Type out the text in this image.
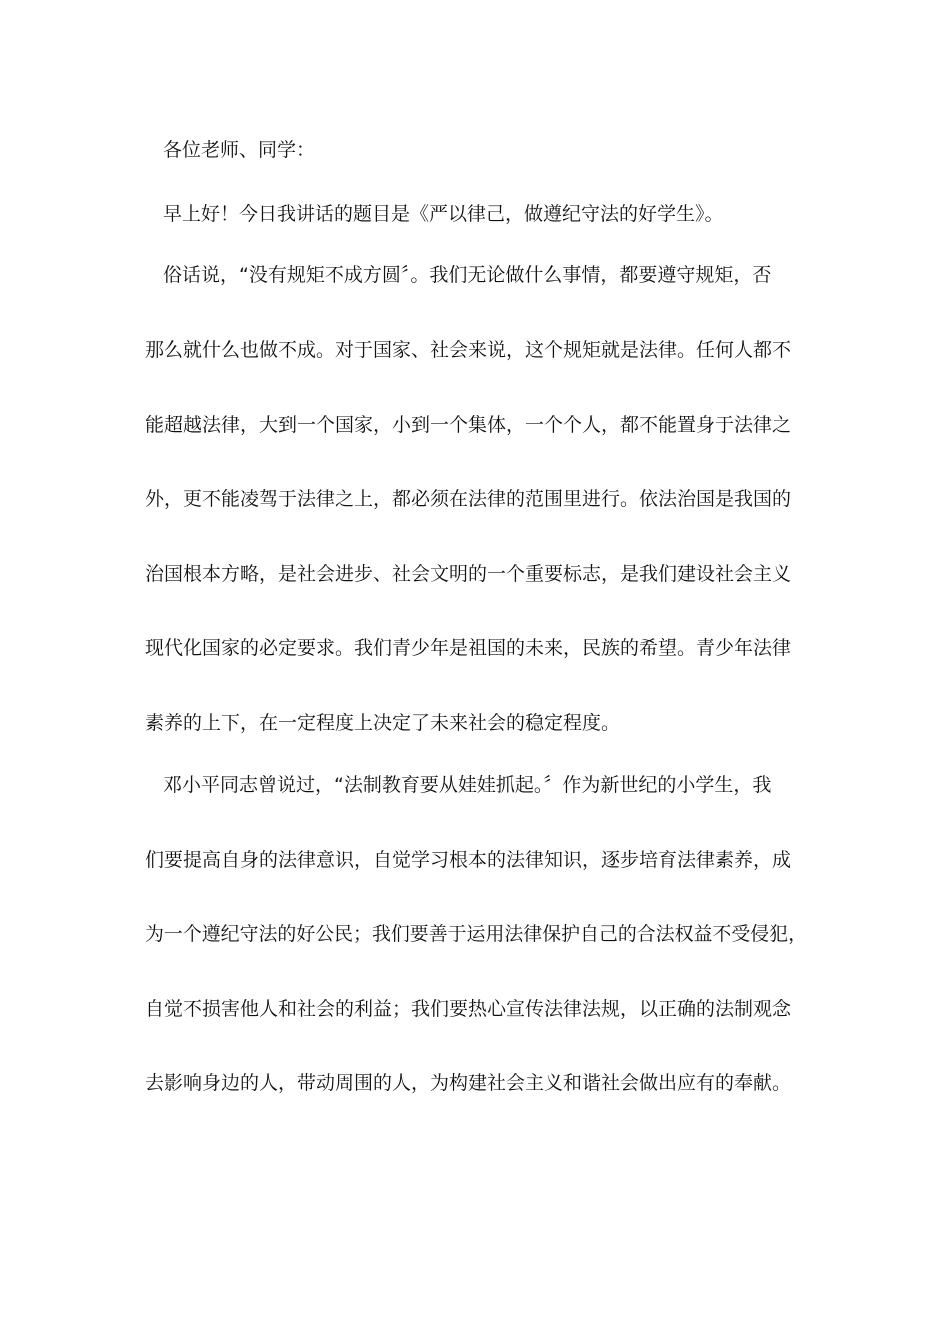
各位老师、同学：
早上好！今日我讲话的题目是《严以律己，做遵纪守法的好学生》。
俗话说，“没有规矩不成方圆〞。我们无论做什么事情，都要遵守规矩，否
那么就什么也做不成。对于国家、社会来说，这个规矩就是法律。任何人都不
能超越法律，大到一个国家，小到一个集体，一个个人，都不能置身于法律之
外，更不能凌驾于法律之上，都必须在法律的范围里进行。依法治国是我国的
治国根本方略，是社会进步、社会文明的一个重要标志，是我们建设社会主义
现代化国家的必定要求。我们青少年是祖国的未来，民族的希望。青少年法律
素养的上下，在一定程度上决定了未来社会的稳定程度。
邓小平同志曾说过，“法制教育要从娃娃抓起。〞作为新世纪的小学生，我
们要提高自身的法律意识，自觉学习根本的法律知识，逐步培育法律素养，成
为一个遵纪守法的好公民；我们要善于运用法律保护自己的合法权益不受侵犯，
自觉不损害他人和社会的利益；我们要热心宣传法律法规，以正确的法制观念
去影响身边的人，带动周围的人，为构建社会主义和谐社会做出应有的奉献。
